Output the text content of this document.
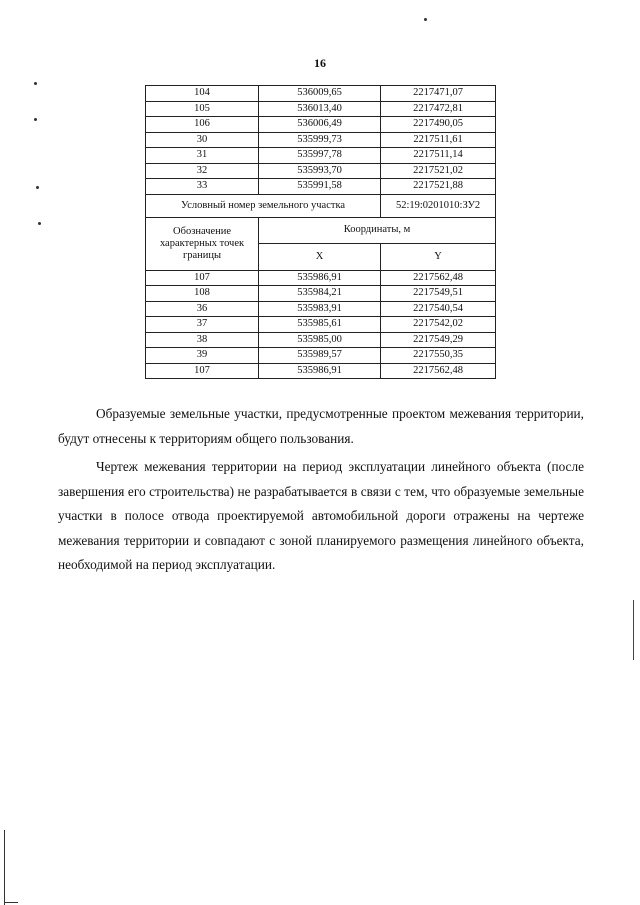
16
104	536009,65	2217471,07
105	536013,40	2217472,81
106	536006,49	2217490,05
30	535999,73	2217511,61
31	535997,78	2217511,14
32	535993,70	2217521,02
33	535991,58	2217521,88
Условный номер земельного участка		52:19:0201010:ЗУ2
Обозначение характерных точек границы	Координаты, м	
	X	Y
107	535986,91	2217562,48
108	535984,21	2217549,51
36	535983,91	2217540,54
37	535985,61	2217542,02
38	535985,00	2217549,29
39	535989,57	2217550,35
107	535986,91	2217562,48

Образуемые земельные участки, предусмотренные проектом межевания территории, будут отнесены к территориям общего пользования.

Чертеж межевания территории на период эксплуатации линейного объекта (после завершения его строительства) не разрабатывается в связи с тем, что образуемые земельные участки в полосе отвода проектируемой автомобильной дороги отражены на чертеже межевания территории и совпадают с зоной планируемого размещения линейного объекта, необходимой на период эксплуатации.
